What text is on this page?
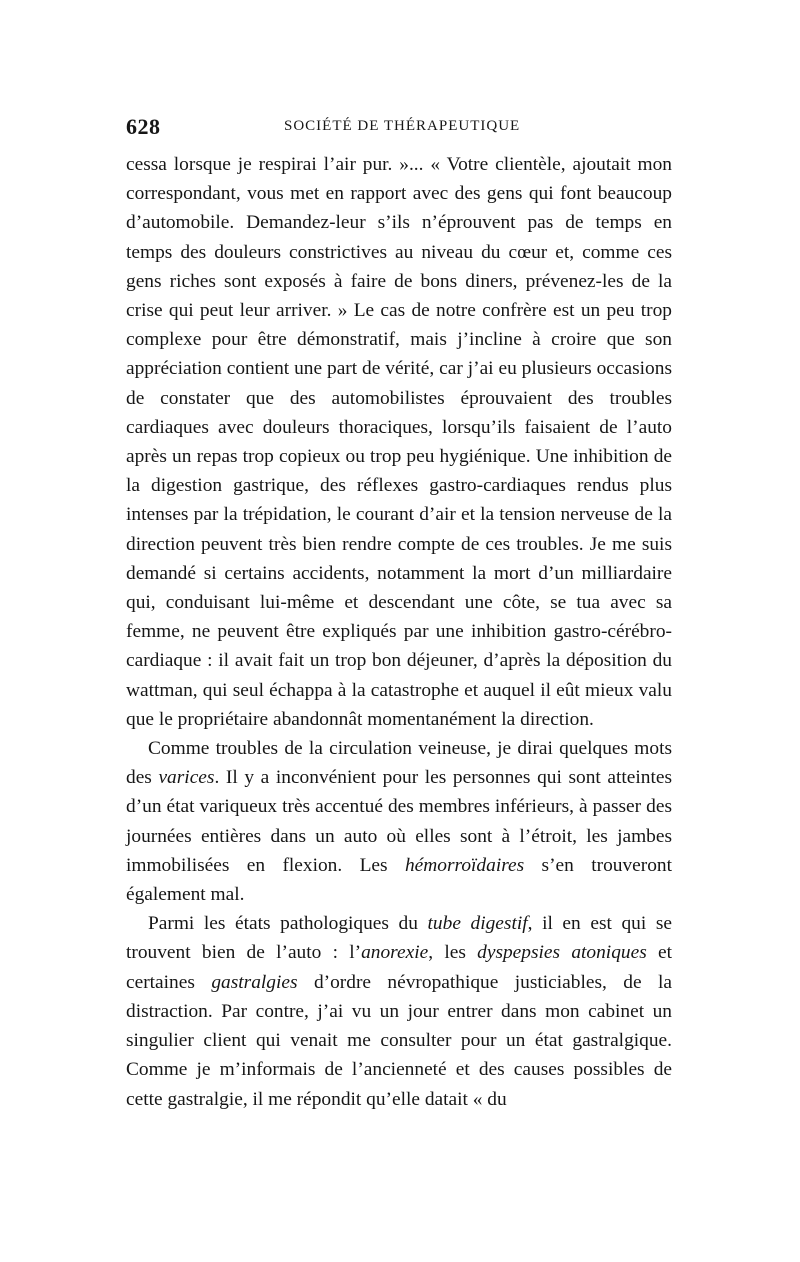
628	SOCIÉTÉ DE THÉRAPEUTIQUE

cessa lorsque je respirai l’air pur. »... « Votre clientèle, ajoutait mon correspondant, vous met en rapport avec des gens qui font beaucoup d’automobile. Demandez-leur s’ils n’éprouvent pas de temps en temps des douleurs constrictives au niveau du cœur et, comme ces gens riches sont exposés à faire de bons diners, prévenez-les de la crise qui peut leur arriver. » Le cas de notre confrère est un peu trop complexe pour être démonstratif, mais j’incline à croire que son appréciation contient une part de vérité, car j’ai eu plusieurs occasions de constater que des automobilistes éprouvaient des troubles cardiaques avec douleurs thoraciques, lorsqu’ils faisaient de l’auto après un repas trop copieux ou trop peu hygiénique. Une inhibition de la digestion gastrique, des réflexes gastro-cardiaques rendus plus intenses par la trépidation, le courant d’air et la tension nerveuse de la direction peuvent très bien rendre compte de ces troubles. Je me suis demandé si certains accidents, notamment la mort d’un milliardaire qui, conduisant lui-même et descendant une côte, se tua avec sa femme, ne peuvent être expliqués par une inhibition gastro-cérébro-cardiaque : il avait fait un trop bon déjeuner, d’après la déposition du wattman, qui seul échappa à la catastrophe et auquel il eût mieux valu que le propriétaire abandonnât momentanément la direction.

Comme troubles de la circulation veineuse, je dirai quelques mots des varices. Il y a inconvénient pour les personnes qui sont atteintes d’un état variqueux très accentué des membres inférieurs, à passer des journées entières dans un auto où elles sont à l’étroit, les jambes immobilisées en flexion. Les hémorroïdaires s’en trouveront également mal.

Parmi les états pathologiques du tube digestif, il en est qui se trouvent bien de l’auto : l’anorexie, les dyspepsies atoniques et certaines gastralgies d’ordre névropathique justiciables, de la distraction. Par contre, j’ai vu un jour entrer dans mon cabinet un singulier client qui venait me consulter pour un état gastralgique. Comme je m’informais de l’ancienneté et des causes possibles de cette gastralgie, il me répondit qu’elle datait « du
